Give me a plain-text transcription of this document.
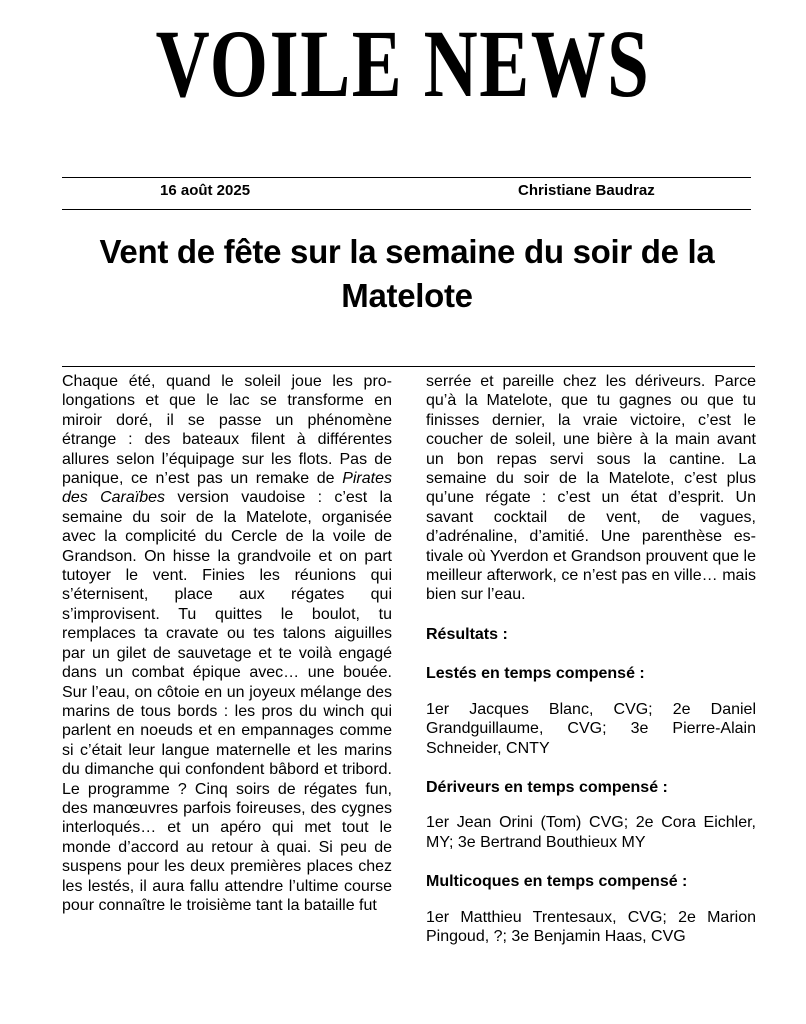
VOILE NEWS
16 août 2025	Christiane Baudraz
Vent de fête sur la semaine du soir de la Matelote

Chaque été, quand le soleil joue les prolongations et que le lac se transforme en miroir doré, il se passe un phénomène étrange : des bateaux filent à différentes allures selon l’équipage sur les flots. Pas de panique, ce n’est pas un remake de Pirates des Caraïbes version vaudoise : c’est la semaine du soir de la Matelote, organisée avec la complicité du Cercle de la voile de Grandson. On hisse la grandvoile et on part tutoyer le vent. Finies les réunions qui s’éternisent, place aux régates qui s’improvisent. Tu quittes le boulot, tu remplaces ta cravate ou tes talons aiguilles par un gilet de sauvetage et te voilà engagé dans un combat épique avec… une bouée. Sur l’eau, on côtoie en un joyeux mélange des marins de tous bords : les pros du winch qui parlent en noeuds et en empannages comme si c’était leur langue maternelle et les marins du dimanche qui confondent bâbord et tribord. Le programme ? Cinq soirs de régates fun, des manœuvres parfois foireuses, des cygnes interloqués… et un apéro qui met tout le monde d’accord au retour à quai. Si peu de suspens pour les deux premières places chez les lestés, il aura fallu attendre l’ultime course pour connaître le troisième tant la bataille fut

serrée et pareille chez les dériveurs. Parce qu’à la Matelote, que tu gagnes ou que tu finisses dernier, la vraie victoire, c’est le coucher de soleil, une bière à la main avant un bon repas servi sous la cantine. La semaine du soir de la Matelote, c’est plus qu’une régate : c’est un état d’esprit. Un savant cocktail de vent, de vagues, d’adrénaline, d’amitié. Une parenthèse estivale où Yverdon et Grandson prouvent que le meilleur afterwork, ce n’est pas en ville… mais bien sur l’eau.

Résultats :

Lestés en temps compensé :

1er Jacques Blanc, CVG; 2e Daniel Grandguillaume, CVG; 3e Pierre-Alain Schneider, CNTY

Dériveurs en temps compensé :

1er Jean Orini (Tom) CVG; 2e Cora Eichler, MY; 3e Bertrand Bouthieux MY

Multicoques en temps compensé :

1er Matthieu Trentesaux, CVG; 2e Marion Pingoud, ?; 3e Benjamin Haas, CVG
